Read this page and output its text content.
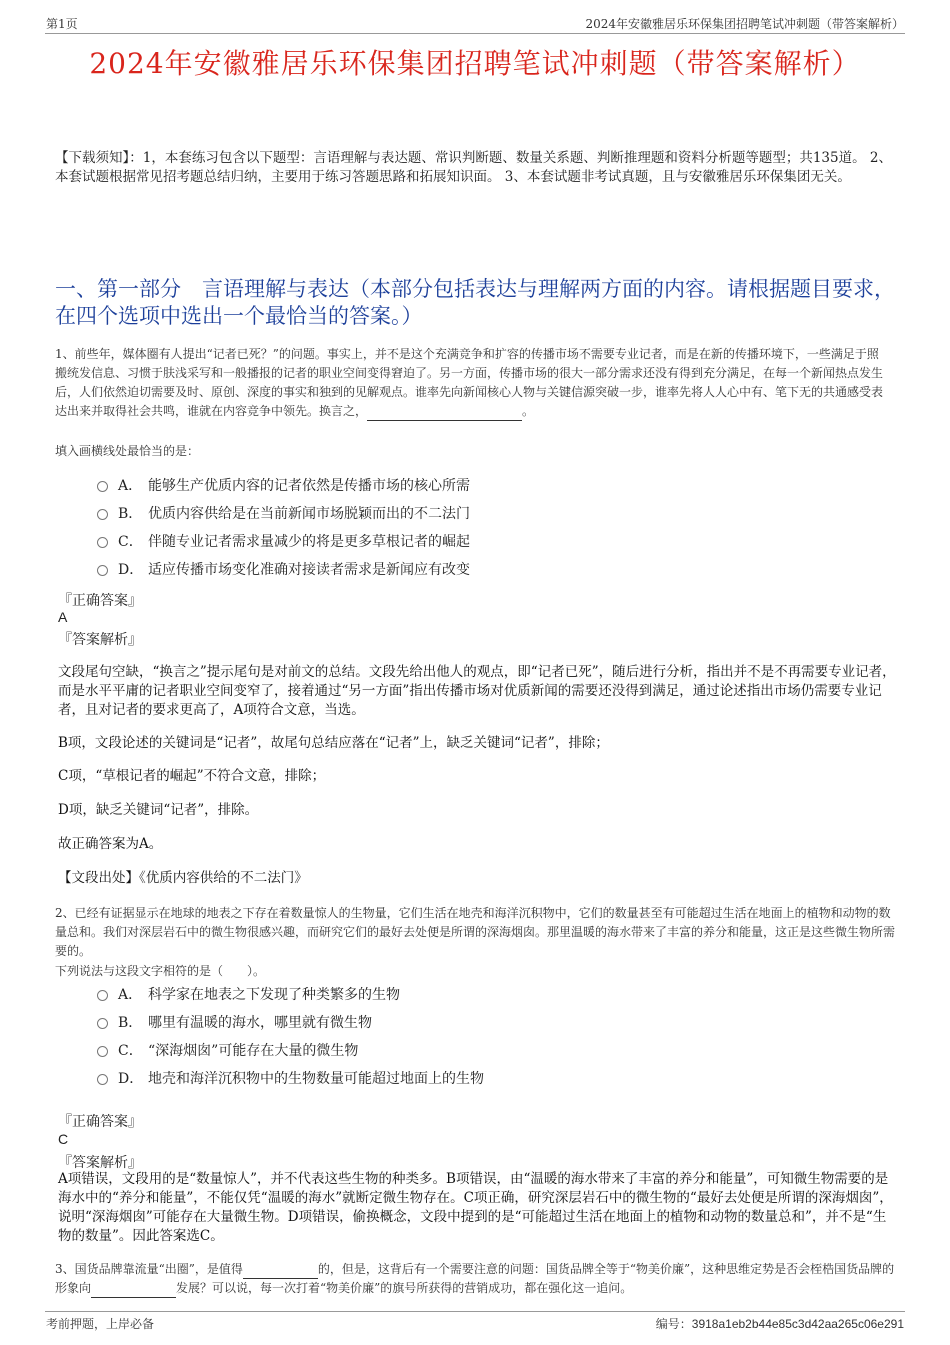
第1页	2024年安徽雅居乐环保集团招聘笔试冲刺题（带答案解析）
2024年安徽雅居乐环保集团招聘笔试冲刺题（带答案解析）
【下载须知】：1，本套练习包含以下题型：言语理解与表达题、常识判断题、数量关系题、判断推理题和资料分析题等题型；共135道。 2、本套试题根据常见招考题总结归纳，主要用于练习答题思路和拓展知识面。 3、本套试题非考试真题，且与安徽雅居乐环保集团无关。
一、第一部分　言语理解与表达（本部分包括表达与理解两方面的内容。请根据题目要求，在四个选项中选出一个最恰当的答案。）
1、前些年，媒体圈有人提出“记者已死？”的问题。事实上，并不是这个充满竞争和扩容的传播市场不需要专业记者，而是在新的传播环境下，一些满足于照搬统发信息、习惯于肤浅采写和一般播报的记者的职业空间变得窘迫了。另一方面，传播市场的很大一部分需求还没有得到充分满足，在每一个新闻热点发生后，人们依然迫切需要及时、原创、深度的事实和独到的见解观点。谁率先向新闻核心人物与关键信源突破一步，谁率先将人人心中有、笔下无的共通感受表达出来并取得社会共鸣，谁就在内容竞争中领先。换言之，	。
填入画横线处最恰当的是：
A． 能够生产优质内容的记者依然是传播市场的核心所需
B． 优质内容供给是在当前新闻市场脱颖而出的不二法门
C． 伴随专业记者需求量减少的将是更多草根记者的崛起
D． 适应传播市场变化准确对接读者需求是新闻应有改变
『正确答案』
A
『答案解析』
文段尾句空缺，“换言之”提示尾句是对前文的总结。文段先给出他人的观点，即“记者已死”，随后进行分析，指出并不是不再需要专业记者，而是水平平庸的记者职业空间变窄了，接着通过“另一方面”指出传播市场对优质新闻的需要还没得到满足，通过论述指出市场仍需要专业记者，且对记者的要求更高了，A项符合文意，当选。
B项，文段论述的关键词是“记者”，故尾句总结应落在“记者”上，缺乏关键词“记者”，排除；
C项，“草根记者的崛起”不符合文意，排除；
D项，缺乏关键词“记者”，排除。
故正确答案为A。
【文段出处】《优质内容供给的不二法门》
2、已经有证据显示在地球的地表之下存在着数量惊人的生物量，它们生活在地壳和海洋沉积物中，它们的数量甚至有可能超过生活在地面上的植物和动物的数量总和。我们对深层岩石中的微生物很感兴趣，而研究它们的最好去处便是所谓的深海烟囱。那里温暖的海水带来了丰富的养分和能量，这正是这些微生物所需要的。
下列说法与这段文字相符的是（　　）。
A． 科学家在地表之下发现了种类繁多的生物
B． 哪里有温暖的海水，哪里就有微生物
C． “深海烟囱”可能存在大量的微生物
D． 地壳和海洋沉积物中的生物数量可能超过地面上的生物
『正确答案』
C
『答案解析』
A项错误，文段用的是“数量惊人”，并不代表这些生物的种类多。B项错误，由“温暖的海水带来了丰富的养分和能量”，可知微生物需要的是海水中的“养分和能量”，不能仅凭“温暖的海水”就断定微生物存在。C项正确，研究深层岩石中的微生物的“最好去处便是所谓的深海烟囱”，说明“深海烟囱”可能存在大量微生物。D项错误，偷换概念，文段中提到的是“可能超过生活在地面上的植物和动物的数量总和”，并不是“生物的数量”。因此答案选C。
3、国货品牌靠流量“出圈”，是值得	的，但是，这背后有一个需要注意的问题：国货品牌全等于“物美价廉”，这种思维定势是否会桎梏国货品牌的形象向	发展？可以说，每一次打着“物美价廉”的旗号所获得的营销成功，都在强化这一追问。
考前押题，上岸必备	编号：3918a1eb2b44e85c3d42aa265c06e291
